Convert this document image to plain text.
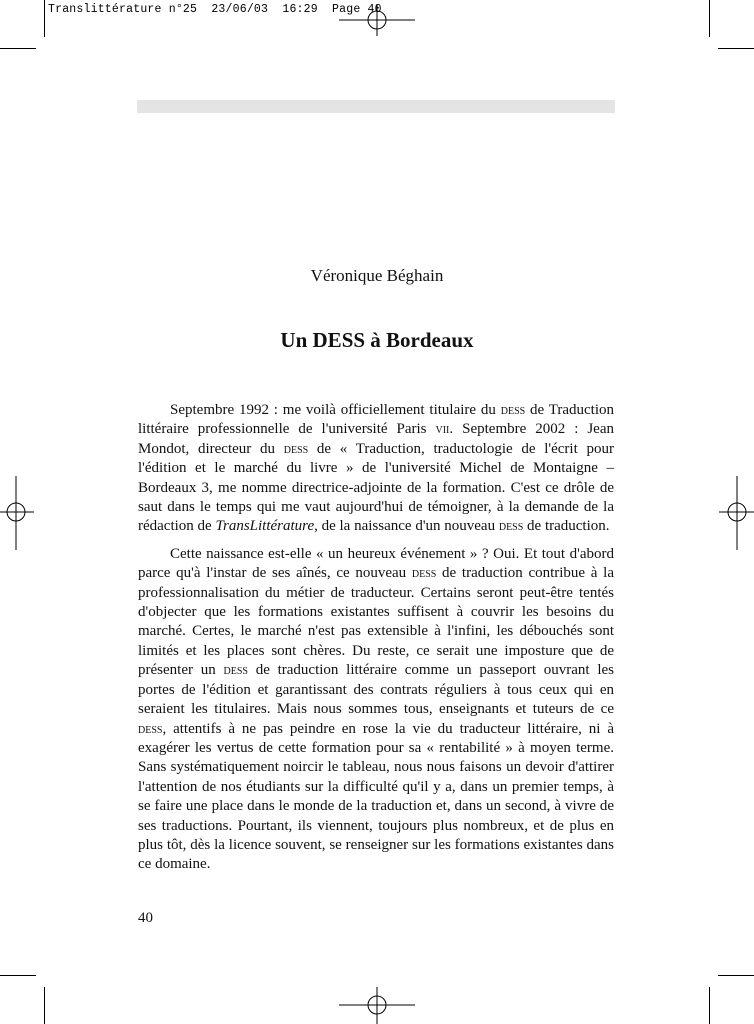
Translittérature n°25  23/06/03  16:29  Page 40
Véronique Béghain
Un DESS à Bordeaux

Septembre 1992 : me voilà officiellement titulaire du dess de Traduction littéraire professionnelle de l'université Paris vii. Septembre 2002 : Jean Mondot, directeur du dess de « Traduction, traductologie de l'écrit pour l'édition et le marché du livre » de l'université Michel de Montaigne – Bordeaux 3, me nomme directrice-adjointe de la formation. C'est ce drôle de saut dans le temps qui me vaut aujourd'hui de témoigner, à la demande de la rédaction de TransLittérature, de la naissance d'un nouveau dess de traduction.

Cette naissance est-elle « un heureux événement » ? Oui. Et tout d'abord parce qu'à l'instar de ses aînés, ce nouveau dess de traduction contribue à la professionnalisation du métier de traducteur. Certains seront peut-être tentés d'objecter que les formations existantes suffisent à couvrir les besoins du marché. Certes, le marché n'est pas extensible à l'infini, les débouchés sont limités et les places sont chères. Du reste, ce serait une imposture que de présenter un dess de traduction littéraire comme un passeport ouvrant les portes de l'édition et garantissant des contrats réguliers à tous ceux qui en seraient les titulaires. Mais nous sommes tous, enseignants et tuteurs de ce dess, attentifs à ne pas peindre en rose la vie du traducteur littéraire, ni à exagérer les vertus de cette formation pour sa « rentabilité » à moyen terme. Sans systématiquement noircir le tableau, nous nous faisons un devoir d'attirer l'attention de nos étudiants sur la difficulté qu'il y a, dans un premier temps, à se faire une place dans le monde de la traduction et, dans un second, à vivre de ses traductions. Pourtant, ils viennent, toujours plus nombreux, et de plus en plus tôt, dès la licence souvent, se renseigner sur les formations existantes dans ce domaine.

40
